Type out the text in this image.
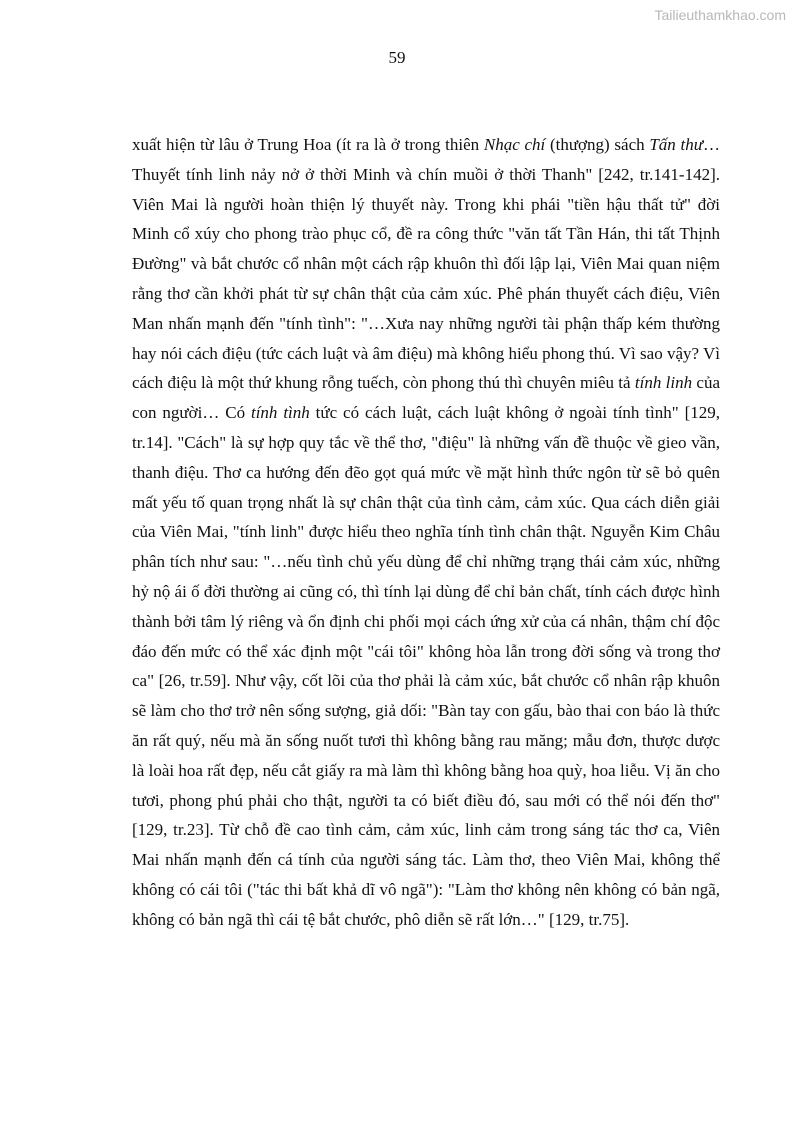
Tailieuthamkhao.com
59

xuất hiện từ lâu ở Trung Hoa (ít ra là ở trong thiên Nhạc chí (thượng) sách Tấn thư… Thuyết tính linh nảy nở ở thời Minh và chín muồi ở thời Thanh" [242, tr.141-142]. Viên Mai là người hoàn thiện lý thuyết này. Trong khi phái "tiền hậu thất tử" đời Minh cổ xúy cho phong trào phục cổ, đề ra công thức "văn tất Tần Hán, thi tất Thịnh Đường" và bắt chước cổ nhân một cách rập khuôn thì đối lập lại, Viên Mai quan niệm rằng thơ cần khởi phát từ sự chân thật của cảm xúc. Phê phán thuyết cách điệu, Viên Man nhấn mạnh đến "tính tình": "…Xưa nay những người tài phận thấp kém thường hay nói cách điệu (tức cách luật và âm điệu) mà không hiểu phong thú. Vì sao vậy? Vì cách điệu là một thứ khung rỗng tuếch, còn phong thú thì chuyên miêu tả tính linh của con người… Có tính tình tức có cách luật, cách luật không ở ngoài tính tình" [129, tr.14]. "Cách" là sự hợp quy tắc về thể thơ, "điệu" là những vấn đề thuộc về gieo vần, thanh điệu. Thơ ca hướng đến đẽo gọt quá mức về mặt hình thức ngôn từ sẽ bỏ quên mất yếu tố quan trọng nhất là sự chân thật của tình cảm, cảm xúc. Qua cách diễn giải của Viên Mai, "tính linh" được hiểu theo nghĩa tính tình chân thật. Nguyễn Kim Châu phân tích như sau: "…nếu tình chủ yếu dùng để chỉ những trạng thái cảm xúc, những hỷ nộ ái ố đời thường ai cũng có, thì tính lại dùng để chỉ bản chất, tính cách được hình thành bởi tâm lý riêng và ổn định chi phối mọi cách ứng xử của cá nhân, thậm chí độc đáo đến mức có thể xác định một "cái tôi" không hòa lẫn trong đời sống và trong thơ ca" [26, tr.59]. Như vậy, cốt lõi của thơ phải là cảm xúc, bắt chước cổ nhân rập khuôn sẽ làm cho thơ trở nên sống sượng, giả dối: "Bàn tay con gấu, bào thai con báo là thức ăn rất quý, nếu mà ăn sống nuốt tươi thì không bằng rau măng; mẫu đơn, thược dược là loài hoa rất đẹp, nếu cắt giấy ra mà làm thì không bằng hoa quỳ, hoa liễu. Vị ăn cho tươi, phong phú phải cho thật, người ta có biết điều đó, sau mới có thể nói đến thơ" [129, tr.23]. Từ chỗ đề cao tình cảm, cảm xúc, linh cảm trong sáng tác thơ ca, Viên Mai nhấn mạnh đến cá tính của người sáng tác. Làm thơ, theo Viên Mai, không thể không có cái tôi ("tác thi bất khả dĩ vô ngã"): "Làm thơ không nên không có bản ngã, không có bản ngã thì cái tệ bắt chước, phô diễn sẽ rất lớn…" [129, tr.75].
